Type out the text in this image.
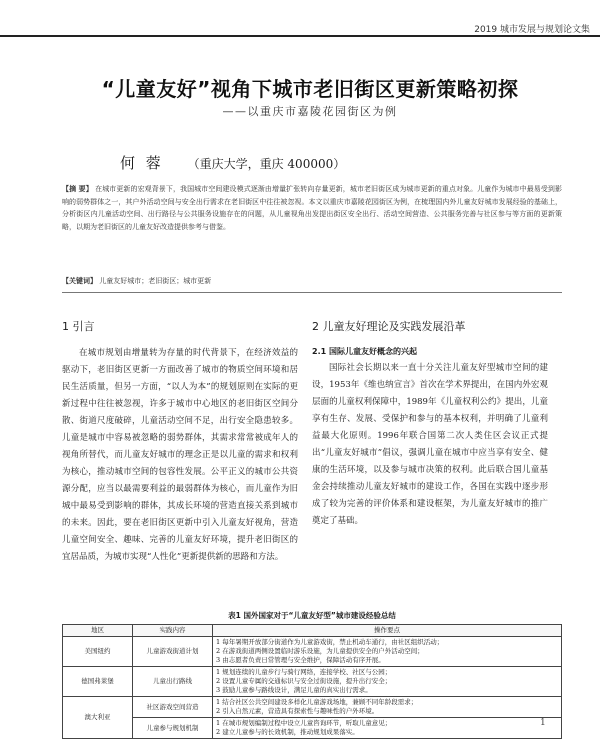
2019 城市发展与规划论文集
“儿童友好”视角下城市老旧街区更新策略初探
——以重庆市嘉陵花园街区为例
何 蓉 （重庆大学，重庆 400000）
【摘 要】 在城市更新的宏观背景下，我国城市空间建设模式逐渐由增量扩张转向存量更新，城市老旧街区成为城市更新的重点对象。儿童作为城市中最易受到影响的弱势群体之一，其户外活动空间与安全出行需求在老旧街区中往往被忽视。本文以重庆市嘉陵花园街区为例，在梳理国内外儿童友好城市发展经验的基础上，分析街区内儿童活动空间、出行路径与公共服务设施存在的问题，从儿童视角出发提出街区安全出行、活动空间营造、公共服务完善与社区参与等方面的更新策略，以期为老旧街区的儿童友好改造提供参考与借鉴。
【关键词】 儿童友好城市；老旧街区；城市更新
1 引言	2 儿童友好理论及实践发展沿革
在城市规划由增量转为存量的时代背景下，在经济效益的驱动下，老旧街区更新一方面改善了城市的物质空间环境和居民生活质量，但另一方面，“以人为本”的规划原则在实际的更新过程中往往被忽视，许多于城市中心地区的老旧街区空间分散、街道尺度破碎，儿童活动空间不足，出行安全隐患较多。儿童是城市中容易被忽略的弱势群体，其需求常常被成年人的视角所替代，而儿童友好城市的理念正是以儿童的需求和权利为核心，推动城市空间的包容性发展。公平正义的城市公共资源分配，应当以最需要利益的最弱群体为核心，而儿童作为旧城中最易受到影响的群体，其成长环境的营造直接关系到城市的未来。因此，要在老旧街区更新中引入儿童友好视角，营造儿童空间安全、趣味、完善的儿童友好环境，提升老旧街区的宜居品质，为城市实现“人性化”更新提供新的思路和方法。
2.1 国际儿童友好概念的兴起
国际社会长期以来一直十分关注儿童友好型城市空间的建设，1953年《维也纳宣言》首次在学术界提出，在国内外宏观层面的儿童权利保障中，1989年《儿童权利公约》提出，儿童享有生存、发展、受保护和参与的基本权利，并明确了儿童利益最大化原则。1996年联合国第二次人类住区会议正式提出“儿童友好城市”倡议，强调儿童在城市中应当享有安全、健康的生活环境，以及参与城市决策的权利。此后联合国儿童基金会持续推动儿童友好城市的建设工作，各国在实践中逐步形成了较为完善的评价体系和建设框架，为儿童友好城市的推广奠定了基础。
表1 国外国家对于“儿童友好型”城市建设经验总结
地区	实践内容	操作要点
美国纽约	儿童游戏街道计划	1 每年暑期开放部分街道作为儿童游戏街，禁止机动车通行，由社区组织活动；
2 在游戏街道两侧设置临时游乐设施，为儿童提供安全的户外活动空间；
3 由志愿者负责日常管理与安全维护，保障活动有序开展。

德国弗莱堡	儿童出行路线	1 规划连续的儿童步行与骑行网络，连接学校、社区与公园；
2 设置儿童专属的交通标识与安全过街设施，提升出行安全；
3 鼓励儿童参与路线设计，满足儿童的真实出行需求。

澳大利亚	社区游戏空间营造	1 结合社区公共空间建设多样化儿童游戏场地，兼顾不同年龄段需求；
2 引入自然元素，营造具有探索性与趣味性的户外环境。

	儿童参与规划机制	1 在城市规划编制过程中设立儿童咨询环节，听取儿童意见；
2 建立儿童参与的长效机制，推动规划成果落实。
1
